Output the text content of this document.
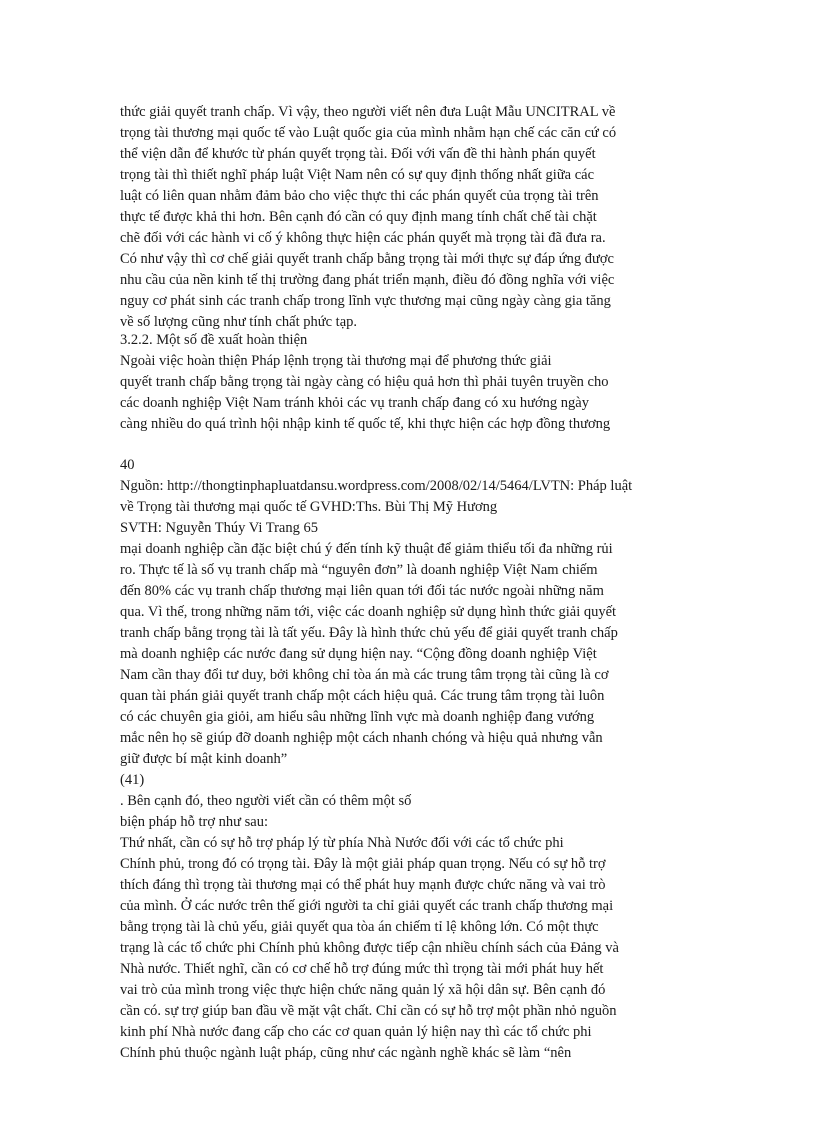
thức giải quyết tranh chấp. Vì vậy, theo người viết nên đưa Luật Mẫu UNCITRAL về
trọng tài thương mại quốc tế vào Luật quốc gia của mình nhằm hạn chế các căn cứ có
thể viện dẫn để khước từ phán quyết trọng tài. Đối với vấn đề thi hành phán quyết
trọng tài thì thiết nghĩ pháp luật Việt Nam nên có sự quy định thống nhất giữa các
luật có liên quan nhằm đảm bảo cho việc thực thi các phán quyết của trọng tài trên
thực tế được khả thi hơn. Bên cạnh đó cần có quy định mang tính chất chế tài chặt
chẽ đối với các hành vi cố ý không thực hiện các phán quyết mà trọng tài đã đưa ra.
Có như vậy thì cơ chế giải quyết tranh chấp bằng trọng tài mới thực sự đáp ứng được
nhu cầu của nền kinh tế thị trường đang phát triển mạnh, điều đó đồng nghĩa với việc
nguy cơ phát sinh các tranh chấp trong lĩnh vực thương mại cũng ngày càng gia tăng
về số lượng cũng như tính chất phức tạp.
3.2.2. Một số đề xuất hoàn thiện
Ngoài việc hoàn thiện Pháp lệnh trọng tài thương mại để phương thức giải
quyết tranh chấp bằng trọng tài ngày càng có hiệu quả hơn thì phải tuyên truyền cho
các doanh nghiệp Việt Nam tránh khỏi các vụ tranh chấp đang có xu hướng ngày
càng nhiều do quá trình hội nhập kinh tế quốc tế, khi thực hiện các hợp đồng thương
40
Nguồn: http://thongtinphapluatdansu.wordpress.com/2008/02/14/5464/LVTN: Pháp luật
về Trọng tài thương mại quốc tế GVHD:Ths. Bùi Thị Mỹ Hương
SVTH: Nguyễn Thúy Vi Trang 65
mại doanh nghiệp cần đặc biệt chú ý đến tính kỹ thuật để giảm thiểu tối đa những rủi
ro. Thực tế là số vụ tranh chấp mà “nguyên đơn” là doanh nghiệp Việt Nam chiếm
đến 80% các vụ tranh chấp thương mại liên quan tới đối tác nước ngoài những năm
qua. Vì thế, trong những năm tới, việc các doanh nghiệp sử dụng hình thức giải quyết
tranh chấp bằng trọng tài là tất yếu. Đây là hình thức chủ yếu để giải quyết tranh chấp
mà doanh nghiệp các nước đang sử dụng hiện nay. “Cộng đồng doanh nghiệp Việt
Nam cần thay đổi tư duy, bởi không chỉ tòa án mà các trung tâm trọng tài cũng là cơ
quan tài phán giải quyết tranh chấp một cách hiệu quả. Các trung tâm trọng tài luôn
có các chuyên gia giỏi, am hiểu sâu những lĩnh vực mà doanh nghiệp đang vướng
mắc nên họ sẽ giúp đỡ doanh nghiệp một cách nhanh chóng và hiệu quả nhưng vẫn
giữ được bí mật kinh doanh”
(41)
. Bên cạnh đó, theo người viết cần có thêm một số
biện pháp hỗ trợ như sau:
Thứ nhất, cần có sự hỗ trợ pháp lý từ phía Nhà Nước đối với các tổ chức phi
Chính phủ, trong đó có trọng tài. Đây là một giải pháp quan trọng. Nếu có sự hỗ trợ
thích đáng thì trọng tài thương mại có thể phát huy mạnh được chức năng và vai trò
của mình. Ở các nước trên thế giới người ta chỉ giải quyết các tranh chấp thương mại
bằng trọng tài là chủ yếu, giải quyết qua tòa án chiếm tỉ lệ không lớn. Có một thực
trạng là các tổ chức phi Chính phủ không được tiếp cận nhiều chính sách của Đảng và
Nhà nước. Thiết nghĩ, cần có cơ chế hỗ trợ đúng mức thì trọng tài mới phát huy hết
vai trò của mình trong việc thực hiện chức năng quản lý xã hội dân sự. Bên cạnh đó
cần có. sự trợ giúp ban đầu về mặt vật chất. Chỉ cần có sự hỗ trợ một phần nhỏ nguồn
kinh phí Nhà nước đang cấp cho các cơ quan quản lý hiện nay thì các tổ chức phi
Chính phủ thuộc ngành luật pháp, cũng như các ngành nghề khác sẽ làm “nên
